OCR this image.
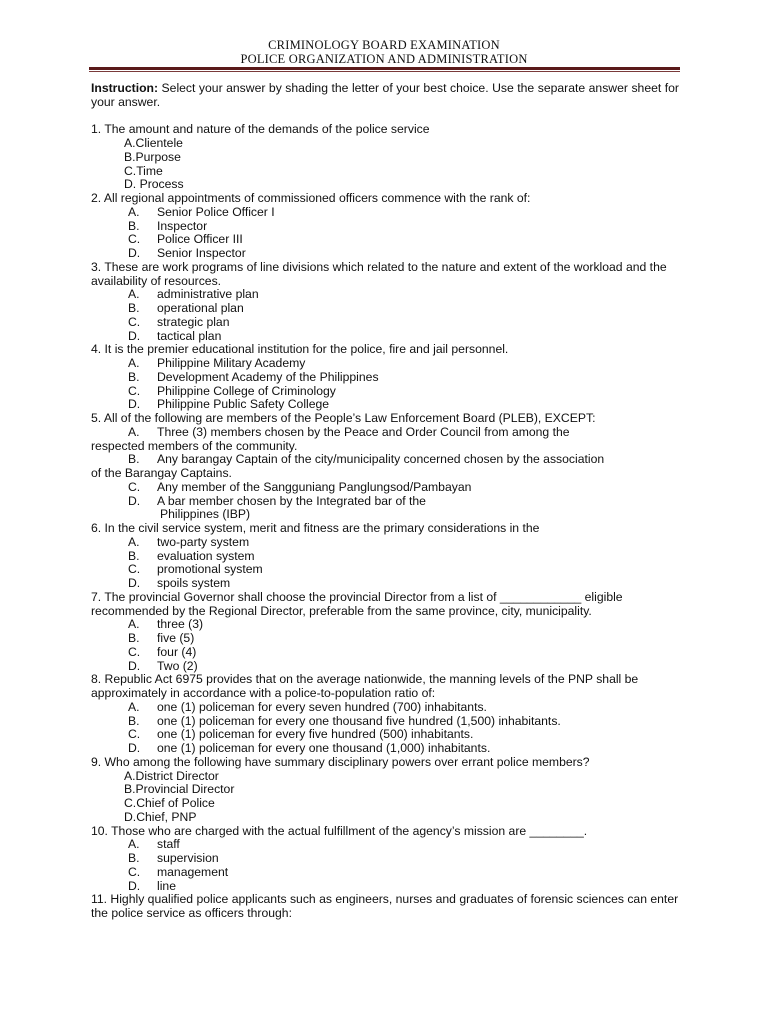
CRIMINOLOGY BOARD EXAMINATION
POLICE ORGANIZATION AND ADMINISTRATION
Instruction: Select your answer by shading the letter of your best choice. Use the separate answer sheet for your answer.
1. The amount and nature of the demands of the police service
A.Clientele
B.Purpose
C.Time
D. Process
2. All regional appointments of commissioned officers commence with the rank of:
A. Senior Police Officer I
B. Inspector
C. Police Officer III
D. Senior Inspector
3. These are work programs of line divisions which related to the nature and extent of the workload and the availability of resources.
A. administrative plan
B. operational plan
C. strategic plan
D. tactical plan
4. It is the premier educational institution for the police, fire and jail personnel.
A. Philippine Military Academy
B. Development Academy of the Philippines
C. Philippine College of Criminology
D. Philippine Public Safety College
5. All of the following are members of the People’s Law Enforcement Board (PLEB), EXCEPT:
A. Three (3) members chosen by the Peace and Order Council from among the
respected members of the community.
B. Any barangay Captain of the city/municipality concerned chosen by the association
of the Barangay Captains.
C. Any member of the Sangguniang Panglungsod/Pambayan
D. A bar member chosen by the Integrated bar of the
Philippines (IBP)
6. In the civil service system, merit and fitness are the primary considerations in the
A. two-party system
B. evaluation system
C. promotional system
D. spoils system
7. The provincial Governor shall choose the provincial Director from a list of ____________ eligible recommended by the Regional Director, preferable from the same province, city, municipality.
A. three (3)
B. five (5)
C. four (4)
D. Two (2)
8. Republic Act 6975 provides that on the average nationwide, the manning levels of the PNP shall be approximately in accordance with a police-to-population ratio of:
A. one (1) policeman for every seven hundred (700) inhabitants.
B. one (1) policeman for every one thousand five hundred (1,500) inhabitants.
C. one (1) policeman for every five hundred (500) inhabitants.
D. one (1) policeman for every one thousand (1,000) inhabitants.
9. Who among the following have summary disciplinary powers over errant police members?
A.District Director
B.Provincial Director
C.Chief of Police
D.Chief, PNP
10. Those who are charged with the actual fulfillment of the agency’s mission are ________.
A. staff
B. supervision
C. management
D. line
11. Highly qualified police applicants such as engineers, nurses and graduates of forensic sciences can enter the police service as officers through:
